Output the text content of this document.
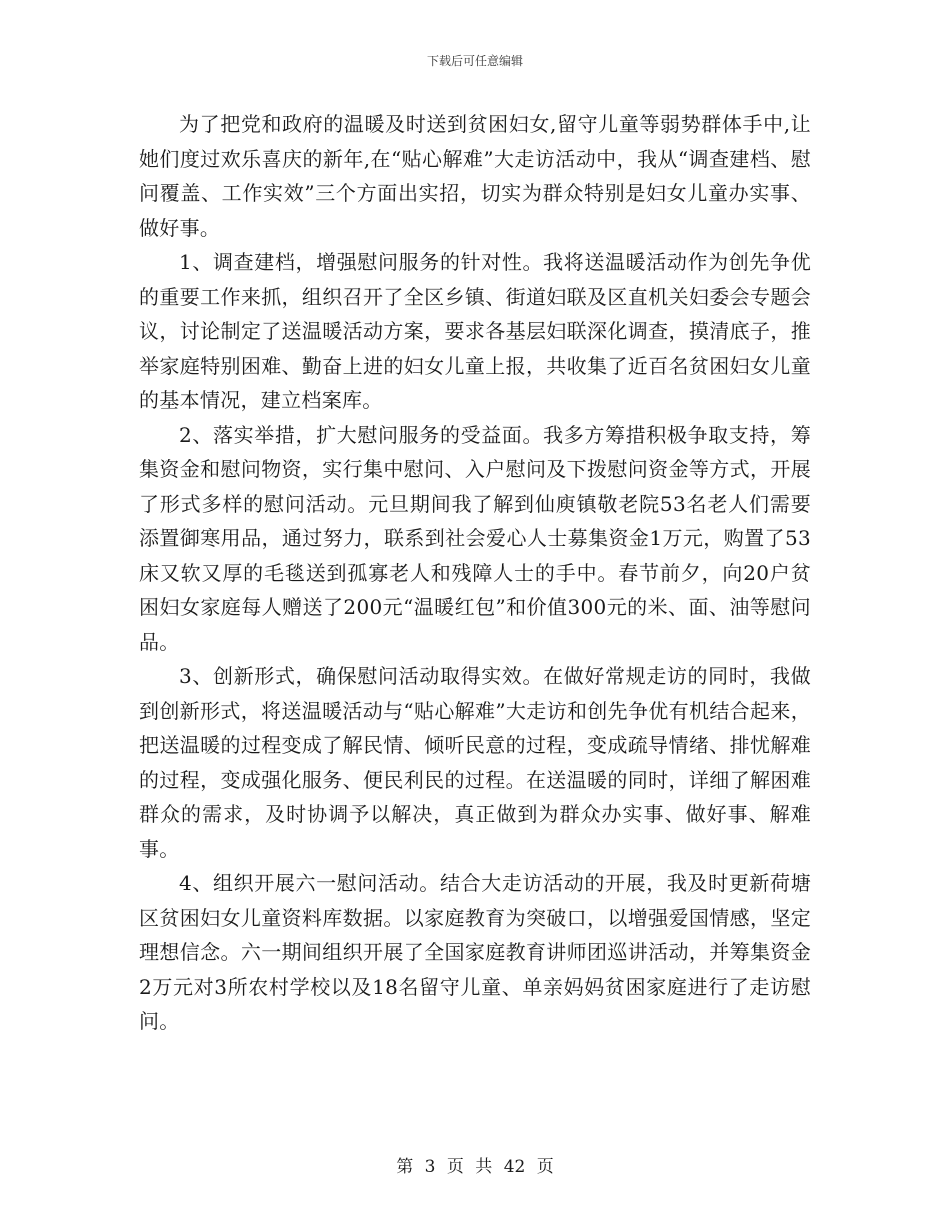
下载后可任意编辑

为了把党和政府的温暖及时送到贫困妇女,留守儿童等弱势群体手中,让她们度过欢乐喜庆的新年,在“贴心解难”大走访活动中，我从“调查建档、慰问覆盖、工作实效”三个方面出实招，切实为群众特别是妇女儿童办实事、做好事。

1、调查建档，增强慰问服务的针对性。我将送温暖活动作为创先争优的重要工作来抓，组织召开了全区乡镇、街道妇联及区直机关妇委会专题会议，讨论制定了送温暖活动方案，要求各基层妇联深化调查，摸清底子，推举家庭特别困难、勤奋上进的妇女儿童上报，共收集了近百名贫困妇女儿童的基本情况，建立档案库。

2、落实举措，扩大慰问服务的受益面。我多方筹措积极争取支持，筹集资金和慰问物资，实行集中慰问、入户慰问及下拨慰问资金等方式，开展了形式多样的慰问活动。元旦期间我了解到仙庾镇敬老院53名老人们需要添置御寒用品，通过努力，联系到社会爱心人士募集资金1万元，购置了53床又软又厚的毛毯送到孤寡老人和残障人士的手中。春节前夕，向20户贫困妇女家庭每人赠送了200元“温暖红包”和价值300元的米、面、油等慰问品。

3、创新形式，确保慰问活动取得实效。在做好常规走访的同时，我做到创新形式，将送温暖活动与“贴心解难”大走访和创先争优有机结合起来，把送温暖的过程变成了解民情、倾听民意的过程，变成疏导情绪、排忧解难的过程，变成强化服务、便民利民的过程。在送温暖的同时，详细了解困难群众的需求，及时协调予以解决，真正做到为群众办实事、做好事、解难事。

4、组织开展六一慰问活动。结合大走访活动的开展，我及时更新荷塘区贫困妇女儿童资料库数据。以家庭教育为突破口，以增强爱国情感，坚定理想信念。六一期间组织开展了全国家庭教育讲师团巡讲活动，并筹集资金2万元对3所农村学校以及18名留守儿童、单亲妈妈贫困家庭进行了走访慰问。

第 3 页 共 42 页
